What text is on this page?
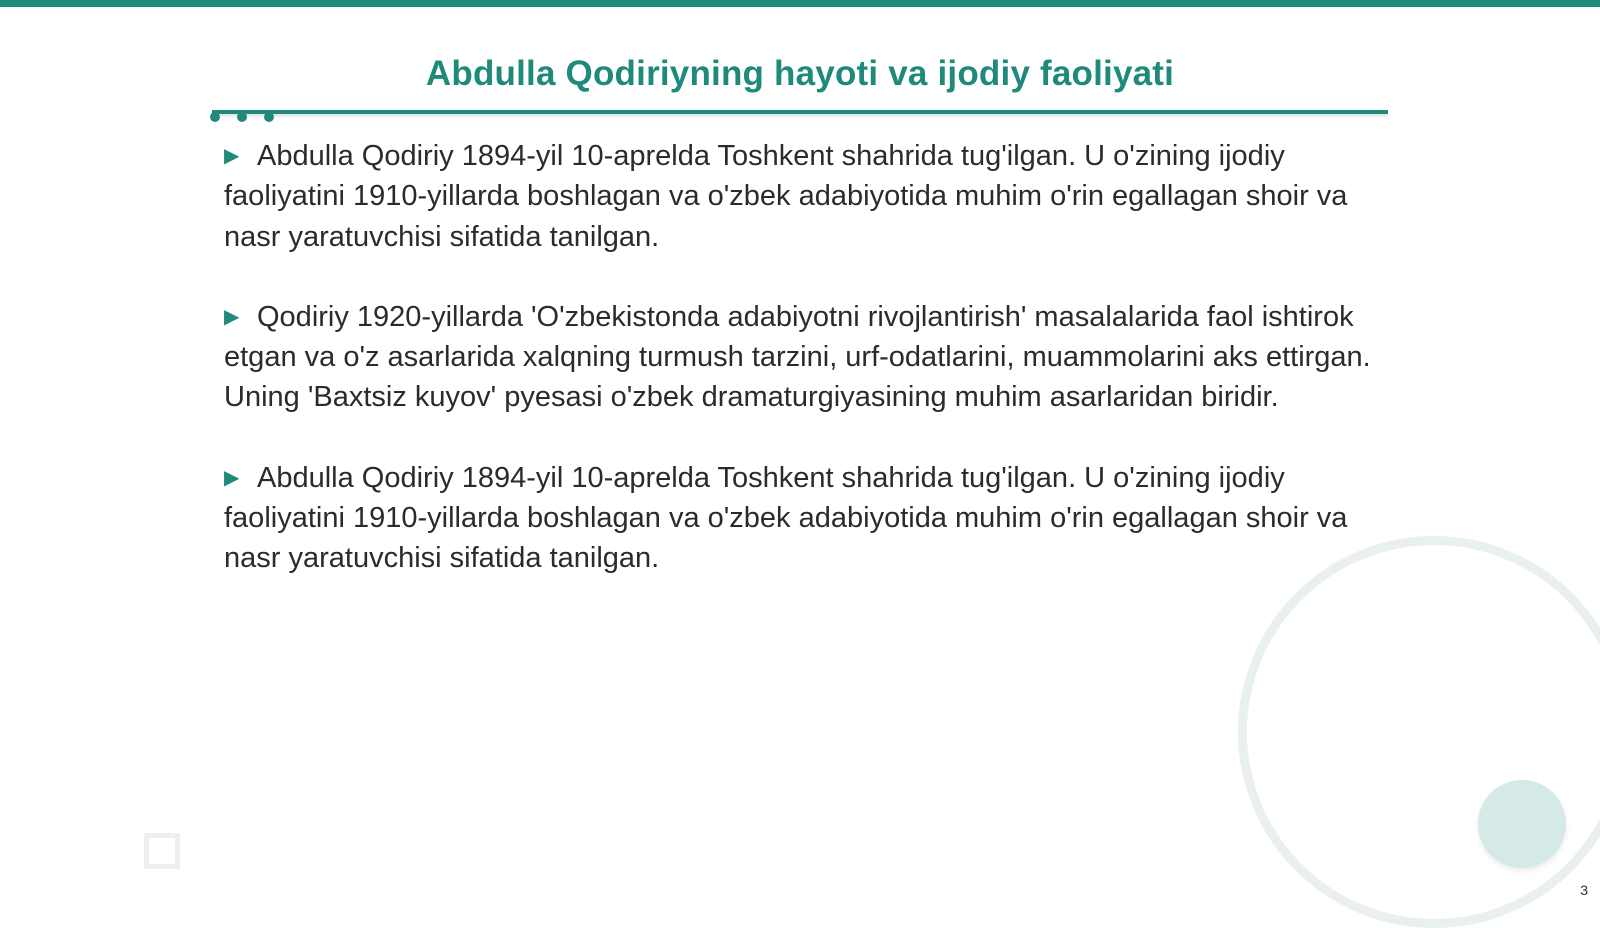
Abdulla Qodiriyning hayoti va ijodiy faoliyati

▶ Abdulla Qodiriy 1894-yil 10-aprelda Toshkent shahrida tug'ilgan. U o'zining ijodiy faoliyatini 1910-yillarda boshlagan va o'zbek adabiyotida muhim o'rin egallagan shoir va nasr yaratuvchisi sifatida tanilgan.

▶ Qodiriy 1920-yillarda 'O'zbekistonda adabiyotni rivojlantirish' masalalarida faol ishtirok etgan va o'z asarlarida xalqning turmush tarzini, urf-odatlarini, muammolarini aks ettirgan. Uning 'Baxtsiz kuyov' pyesasi o'zbek dramaturgiyasining muhim asarlaridan biridir.

▶ Abdulla Qodiriy 1894-yil 10-aprelda Toshkent shahrida tug'ilgan. U o'zining ijodiy faoliyatini 1910-yillarda boshlagan va o'zbek adabiyotida muhim o'rin egallagan shoir va nasr yaratuvchisi sifatida tanilgan.

3
